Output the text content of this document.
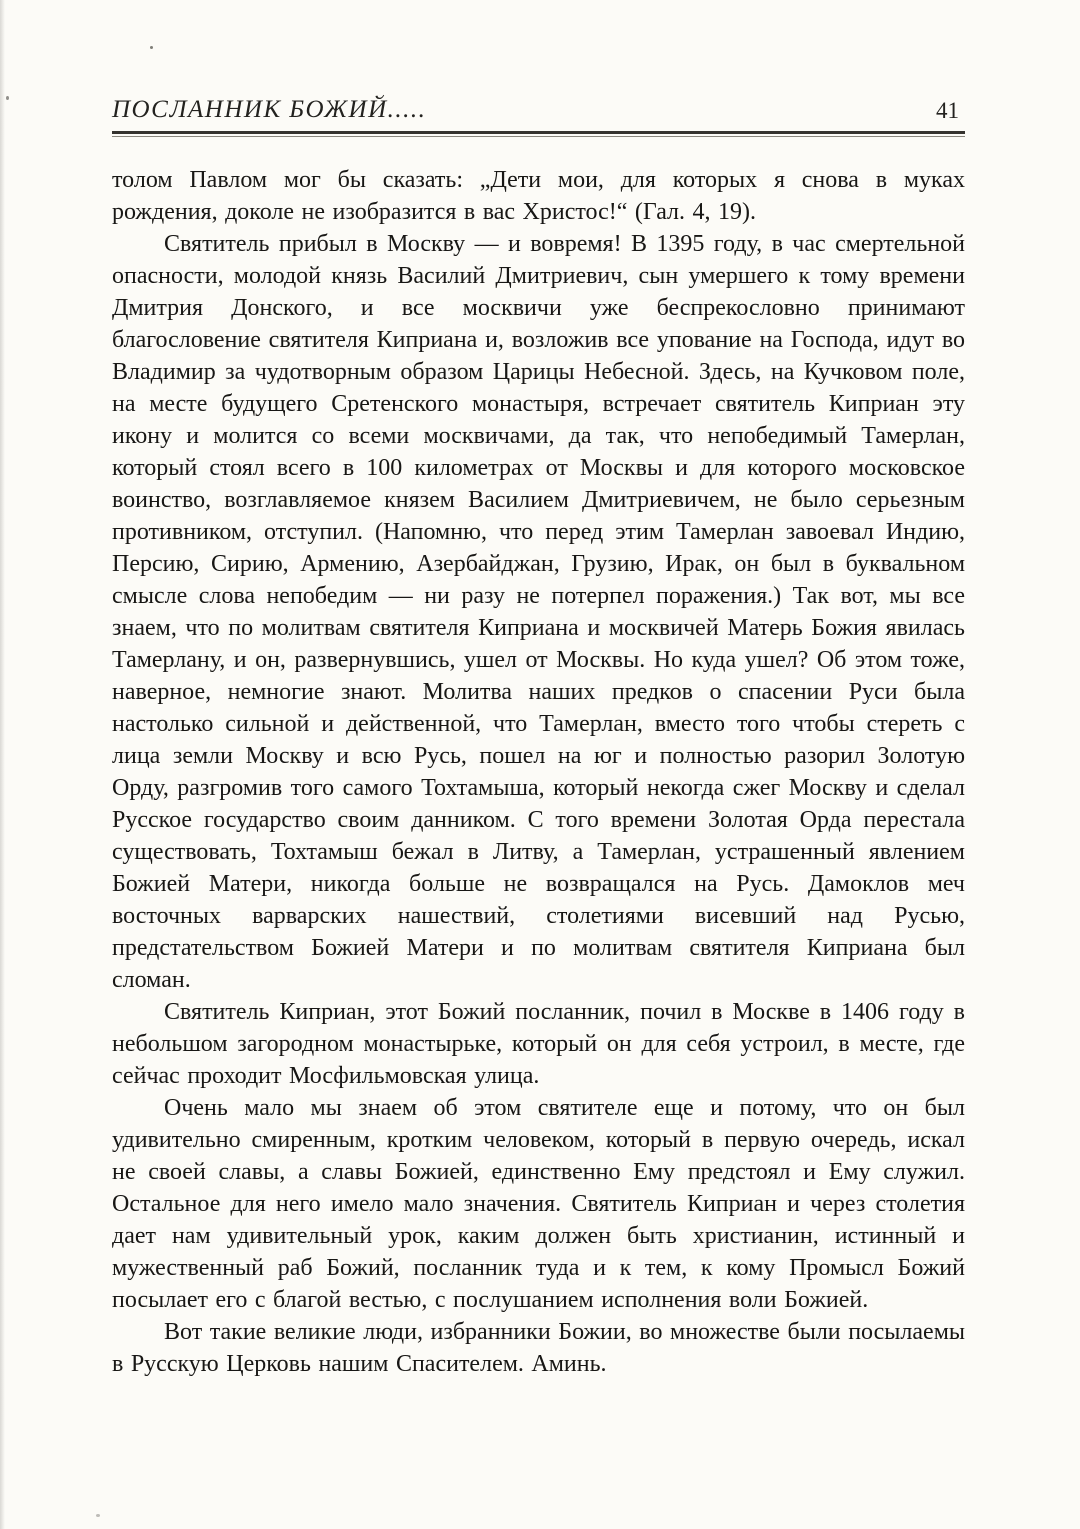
ПОСЛАННИК БОЖИЙ.....	41

толом Павлом мог бы сказать: „Дети мои, для которых я снова в муках рождения, доколе не изобразится в вас Христос!“ (Гал. 4, 19).

Святитель прибыл в Москву — и вовремя! В 1395 году, в час смертельной опасности, молодой князь Василий Дмитриевич, сын умершего к тому времени Дмитрия Донского, и все москвичи уже беспрекословно принимают благословение святителя Киприана и, возложив все упование на Господа, идут во Владимир за чудотворным образом Царицы Небесной. Здесь, на Кучковом поле, на месте будущего Сретенского монастыря, встречает святитель Киприан эту икону и молится со всеми москвичами, да так, что непобедимый Тамерлан, который стоял всего в 100 километрах от Москвы и для которого московское воинство, возглавляемое князем Василием Дмитриевичем, не было серьезным противником, отступил. (Напомню, что перед этим Тамерлан завоевал Индию, Персию, Сирию, Армению, Азербайджан, Грузию, Ирак, он был в буквальном смысле слова непобедим — ни разу не потерпел поражения.) Так вот, мы все знаем, что по молитвам святителя Киприана и москвичей Матерь Божия явилась Тамерлану, и он, развернувшись, ушел от Москвы. Но куда ушел? Об этом тоже, наверное, немногие знают. Молитва наших предков о спасении Руси была настолько сильной и действенной, что Тамерлан, вместо того чтобы стереть с лица земли Москву и всю Русь, пошел на юг и полностью разорил Золотую Орду, разгромив того самого Тохтамыша, который некогда сжег Москву и сделал Русское государство своим данником. С того времени Золотая Орда перестала существовать, Тохтамыш бежал в Литву, а Тамерлан, устрашенный явлением Божией Матери, никогда больше не возвращался на Русь. Дамоклов меч восточных варварских нашествий, столетиями висевший над Русью, предстательством Божией Матери и по молитвам святителя Киприана был сломан.

Святитель Киприан, этот Божий посланник, почил в Москве в 1406 году в небольшом загородном монастырьке, который он для себя устроил, в месте, где сейчас проходит Мосфильмовская улица.

Очень мало мы знаем об этом святителе еще и потому, что он был удивительно смиренным, кротким человеком, который в первую очередь, искал не своей славы, а славы Божией, единственно Ему предстоял и Ему служил. Остальное для него имело мало значения. Святитель Киприан и через столетия дает нам удивительный урок, каким должен быть христианин, истинный и мужественный раб Божий, посланник туда и к тем, к кому Промысл Божий посылает его с благой вестью, с послушанием исполнения воли Божией.

Вот такие великие люди, избранники Божии, во множестве были посылаемы в Русскую Церковь нашим Спасителем. Аминь.
